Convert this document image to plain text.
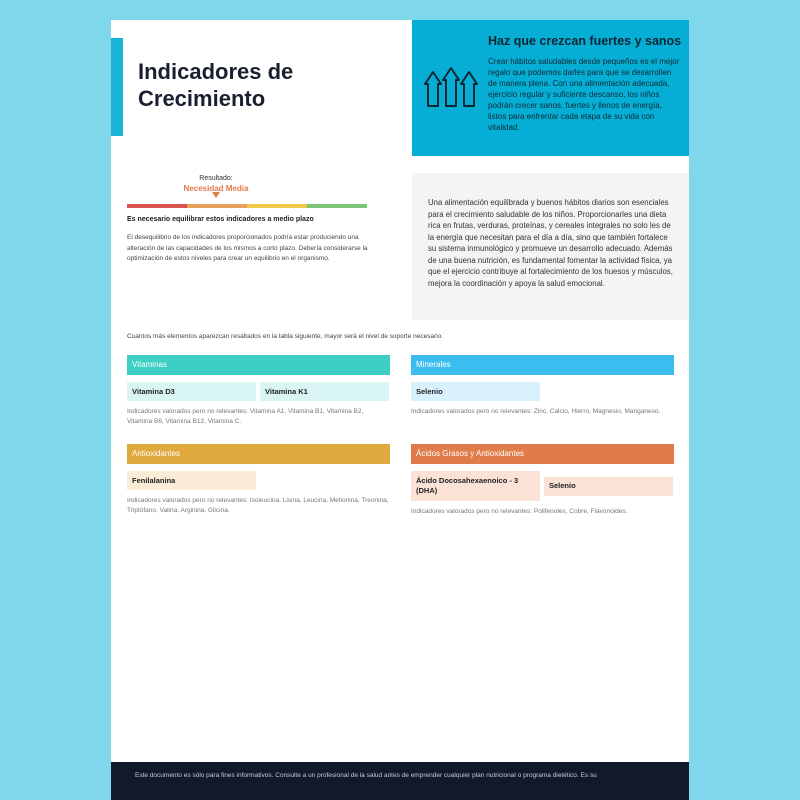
Indicadores de Crecimiento
Haz que crezcan fuertes y sanos

Crear hábitos saludables desde pequeños es el mejor regalo que podemos darles para que se desarrollen de manera plena. Con una alimentación adecuada, ejercicio regular y suficiente descanso, los niños podrán crecer sanos, fuertes y llenos de energía, listos para enfrentar cada etapa de su vida con vitalidad.

Resultado:
Necesidad Media
Es necesario equilibrar estos indicadores a medio plazo

El desequilibrio de los indicadores proporcionados podría estar produciendo una alteración de las capacidades de los mismos a corto plazo. Debería considerarse la optimización de estos niveles para crear un equilibrio en el organismo.

Una alimentación equilibrada y buenos hábitos diarios son esenciales para el crecimiento saludable de los niños. Proporcionarles una dieta rica en frutas, verduras, proteínas, y cereales integrales no solo les de la energía que necesitan para el día a día, sino que también fortalece su sistema inmunológico y promueve un desarrollo adecuado. Además de una buena nutrición, es fundamental fomentar la actividad física, ya que el ejercicio contribuye al fortalecimiento de los huesos y músculos, mejora la coordinación y apoya la salud emocional.

Cuantos más elementos aparezcan resaltados en la tabla siguiente, mayor será el nivel de soporte necesario.

Vitaminas
Vitamina D3	Vitamina K1

Indicadores valorados pero no relevantes: Vitamina A1, Vitamina B1, Vitamina B2, Vitamina B6, Vitamina B12, Vitamina C.

Minerales
Selenio

Indicadores valorados pero no relevantes: Zinc, Calcio, Hierro, Magnesio, Manganeso.

Antioxidantes
Fenilalanina

Indicadores valorados pero no relevantes: Isoleucina, Lisina, Leucina, Metionina, Treonina, Triptófano, Valina, Arginina, Glicina.

Ácidos Grasos y Antioxidantes
Ácido Docosahexaenoico - 3 (DHA)
Selenio

Indicadores valorados pero no relevantes: Polifenoles, Cobre, Flavonoides.

Este documento es sólo para fines informativos. Consulte a un profesional de la salud antes de emprender cualquier plan nutricional o programa dietético. Es su
